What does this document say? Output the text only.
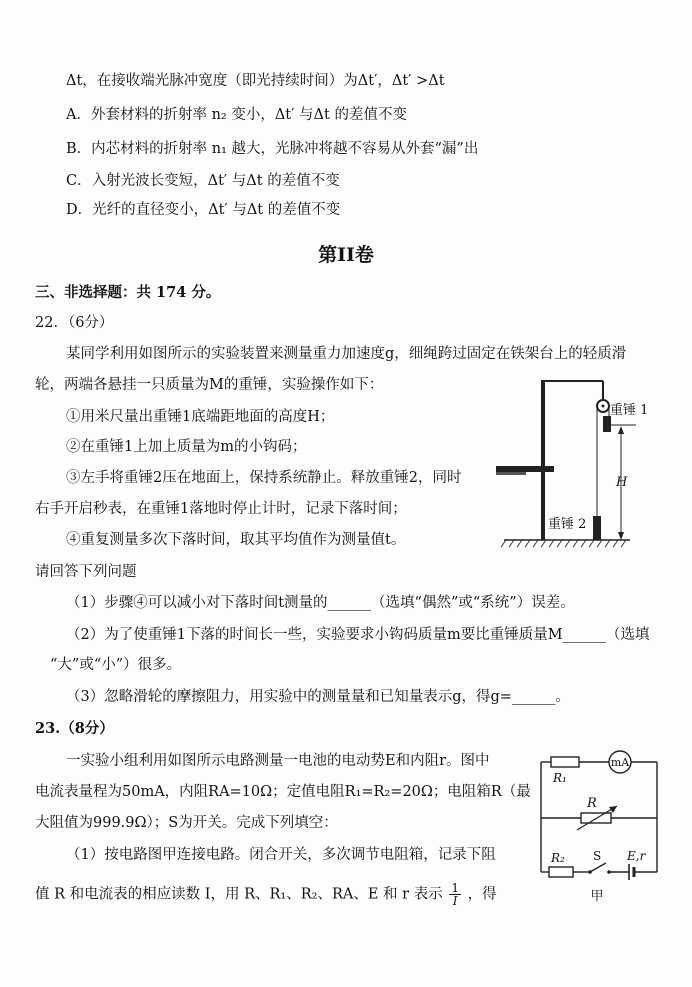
Δt，在接收端光脉冲宽度（即光持续时间）为Δt′，Δt′ >Δt
A．外套材料的折射率 n₂ 变小，Δt′ 与Δt 的差值不变
B．内芯材料的折射率 n₁ 越大，光脉冲将越不容易从外套“漏”出
C．入射光波长变短，Δt′ 与Δt 的差值不变
D．光纤的直径变小，Δt′ 与Δt 的差值不变
第II卷
三、非选择题：共 174 分。
22．（6分）
某同学利用如图所示的实验装置来测量重力加速度g，细绳跨过固定在铁架台上的轻质滑
轮，两端各悬挂一只质量为M的重锤，实验操作如下：
①用米尺量出重锤1底端距地面的高度H；
②在重锤1上加上质量为m的小钩码；
③左手将重锤2压在地面上，保持系统静止。释放重锤2，同时
右手开启秒表，在重锤1落地时停止计时，记录下落时间；
④重复测量多次下落时间，取其平均值作为测量值t。
请回答下列问题
（1）步骤④可以减小对下落时间t测量的______（选填“偶然”或“系统”）误差。
（2）为了使重锤1下落的时间长一些，实验要求小钩码质量m要比重锤质量M______（选填
“大”或“小”）很多。
（3）忽略滑轮的摩擦阻力，用实验中的测量量和已知量表示g，得g=______。
H
重锤 1
重锤 2
23.（8分）
一实验小组利用如图所示电路测量一电池的电动势E和内阻r。图中
电流表量程为50mA，内阻RA=10Ω；定值电阻R₁=R₂=20Ω；电阻箱R（最
大阻值为999.9Ω）；S为开关。完成下列填空：
（1）按电路图甲连接电路。闭合开关，多次调节电阻箱，记录下阻
值 R 和电流表的相应读数 I，用 R、R₁、R₂、RA、E 和 r 表示 $\frac{1}{I}$ ，得
mA
R₁
R
R₂ S E,r
甲
